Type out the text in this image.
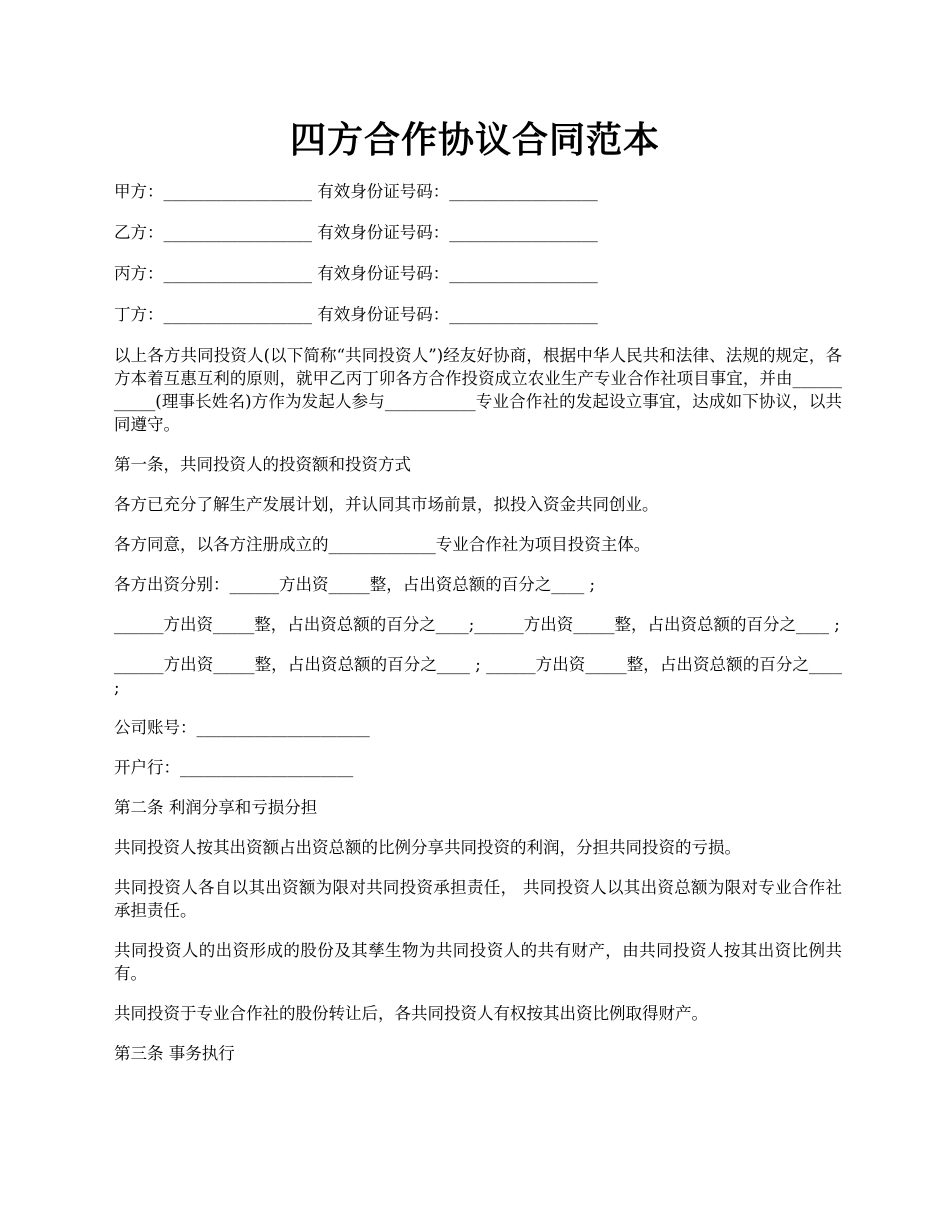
四方合作协议合同范本

甲方：__________________ 有效身份证号码：__________________

乙方：__________________ 有效身份证号码：__________________

丙方：__________________ 有效身份证号码：__________________

丁方：__________________ 有效身份证号码：__________________

以上各方共同投资人(以下简称“共同投资人”)经友好协商，根据中华人民共和法律、法规的规定，各方本着互惠互利的原则，就甲乙丙丁卯各方合作投资成立农业生产专业合作社项目事宜，并由___________(理事长姓名)方作为发起人参与___________专业合作社的发起设立事宜，达成如下协议，以共同遵守。

第一条，共同投资人的投资额和投资方式

各方已充分了解生产发展计划，并认同其市场前景，拟投入资金共同创业。

各方同意，以各方注册成立的_____________专业合作社为项目投资主体。

各方出资分别：______方出资_____整，占出资总额的百分之____ ;

______方出资_____整，占出资总额的百分之____;______方出资_____整，占出资总额的百分之____ ;

______方出资_____整，占出资总额的百分之____ ; ______方出资_____整，占出资总额的百分之____ ;

公司账号：_____________________

开户行：_____________________

第二条 利润分享和亏损分担

共同投资人按其出资额占出资总额的比例分享共同投资的利润，分担共同投资的亏损。

共同投资人各自以其出资额为限对共同投资承担责任， 共同投资人以其出资总额为限对专业合作社承担责任。

共同投资人的出资形成的股份及其孳生物为共同投资人的共有财产，由共同投资人按其出资比例共有。

共同投资于专业合作社的股份转让后，各共同投资人有权按其出资比例取得财产。

第三条 事务执行
